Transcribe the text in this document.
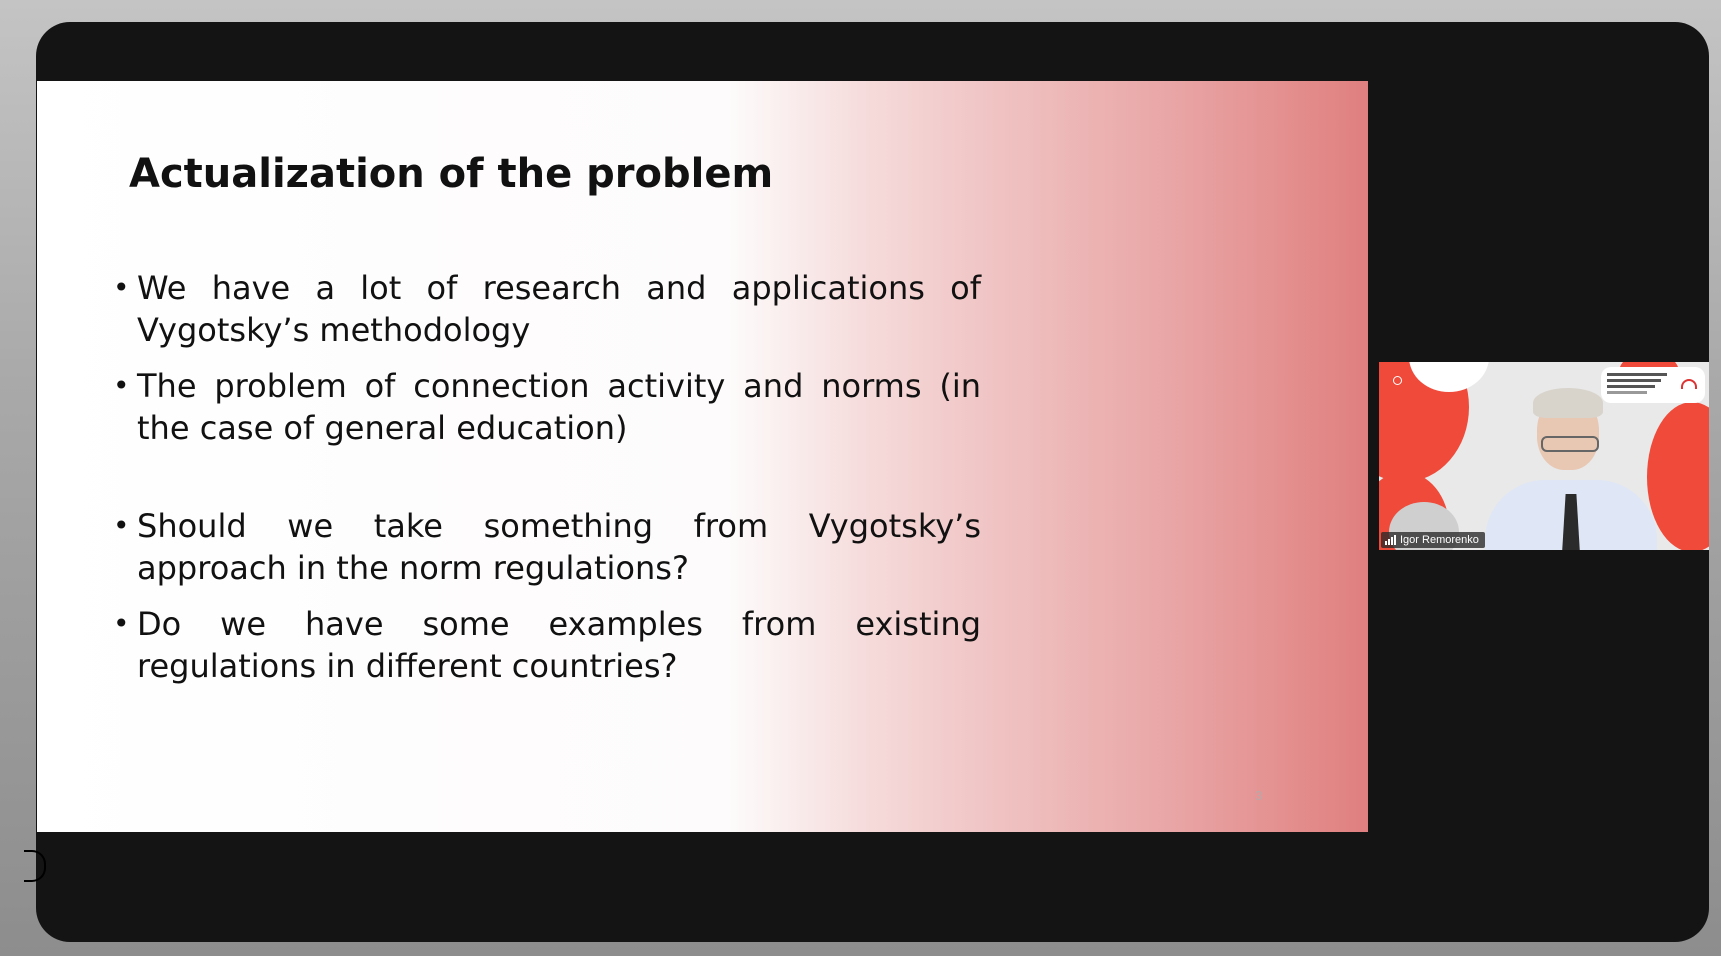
Actualization of the problem
• We have a lot of research and applications of Vygotsky’s methodology
• The problem of connection activity and norms (in the case of general education)
• Should we take something from Vygotsky’s approach in the norm regulations?
• Do we have some examples from existing regulations in different countries?
3
Igor Remorenko
